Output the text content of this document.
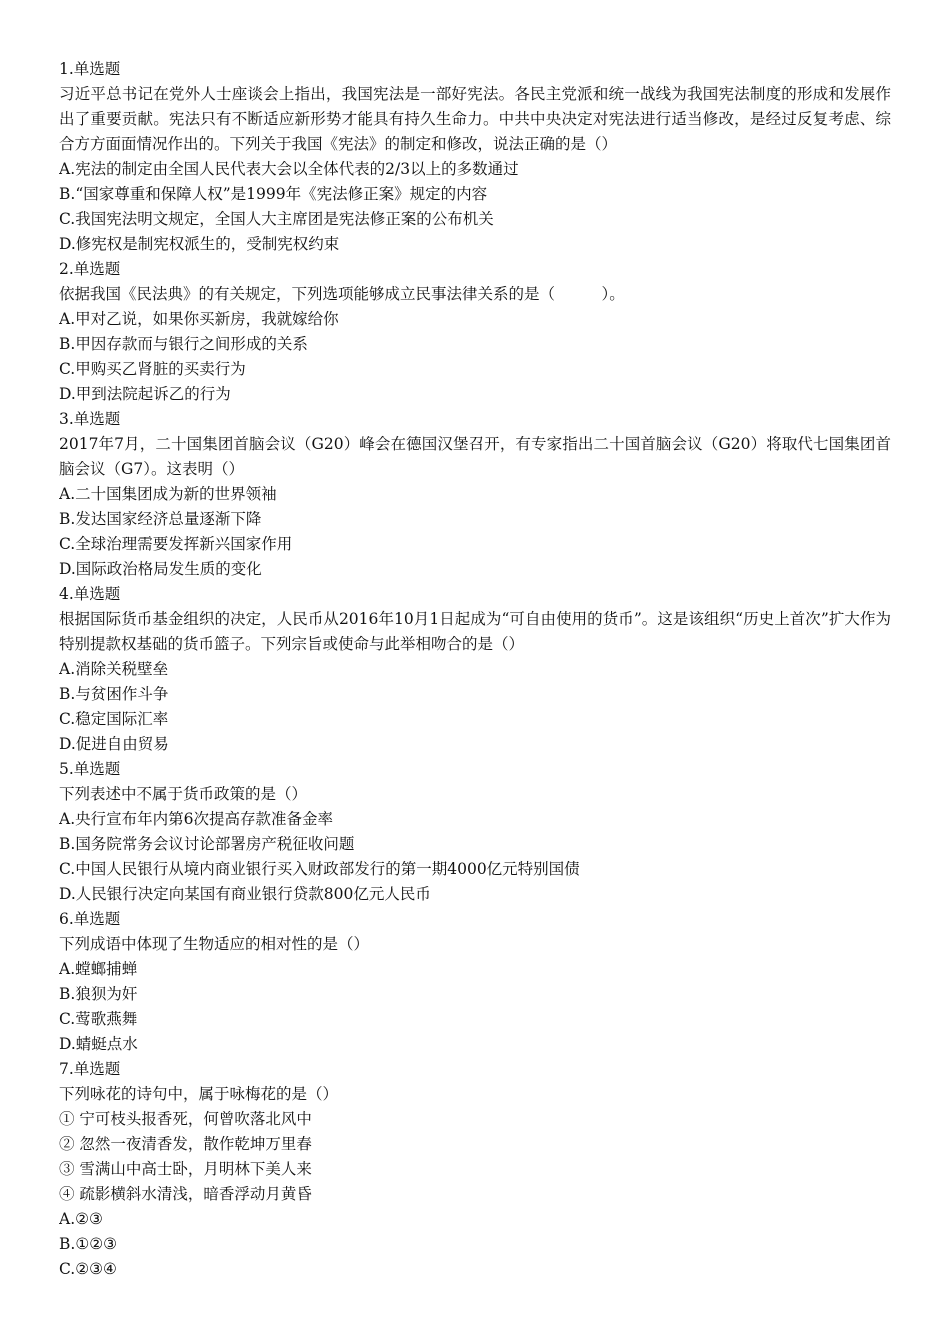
1.单选题
习近平总书记在党外人士座谈会上指出，我国宪法是一部好宪法。各民主党派和统一战线为我国宪法制度的形成和发展作出了重要贡献。宪法只有不断适应新形势才能具有持久生命力。中共中央决定对宪法进行适当修改，是经过反复考虑、综合方方面面情况作出的。下列关于我国《宪法》的制定和修改，说法正确的是（）
A.宪法的制定由全国人民代表大会以全体代表的2/3以上的多数通过
B.“国家尊重和保障人权”是1999年《宪法修正案》规定的内容
C.我国宪法明文规定，全国人大主席团是宪法修正案的公布机关
D.修宪权是制宪权派生的，受制宪权约束
2.单选题
依据我国《民法典》的有关规定，下列选项能够成立民事法律关系的是（　　　）。
A.甲对乙说，如果你买新房，我就嫁给你
B.甲因存款而与银行之间形成的关系
C.甲购买乙肾脏的买卖行为
D.甲到法院起诉乙的行为
3.单选题
2017年7月，二十国集团首脑会议（G20）峰会在德国汉堡召开，有专家指出二十国首脑会议（G20）将取代七国集团首脑会议（G7）。这表明（）
A.二十国集团成为新的世界领袖
B.发达国家经济总量逐渐下降
C.全球治理需要发挥新兴国家作用
D.国际政治格局发生质的变化
4.单选题
根据国际货币基金组织的决定，人民币从2016年10月1日起成为“可自由使用的货币”。这是该组织“历史上首次”扩大作为特别提款权基础的货币篮子。下列宗旨或使命与此举相吻合的是（）
A.消除关税壁垒
B.与贫困作斗争
C.稳定国际汇率
D.促进自由贸易
5.单选题
下列表述中不属于货币政策的是（）
A.央行宣布年内第6次提高存款准备金率
B.国务院常务会议讨论部署房产税征收问题
C.中国人民银行从境内商业银行买入财政部发行的第一期4000亿元特别国债
D.人民银行决定向某国有商业银行贷款800亿元人民币
6.单选题
下列成语中体现了生物适应的相对性的是（）
A.螳螂捕蝉
B.狼狈为奸
C.莺歌燕舞
D.蜻蜓点水
7.单选题
下列咏花的诗句中，属于咏梅花的是（）
① 宁可枝头报香死，何曾吹落北风中
② 忽然一夜清香发，散作乾坤万里春
③ 雪满山中高士卧，月明林下美人来
④ 疏影横斜水清浅，暗香浮动月黄昏
A.②③
B.①②③
C.②③④
